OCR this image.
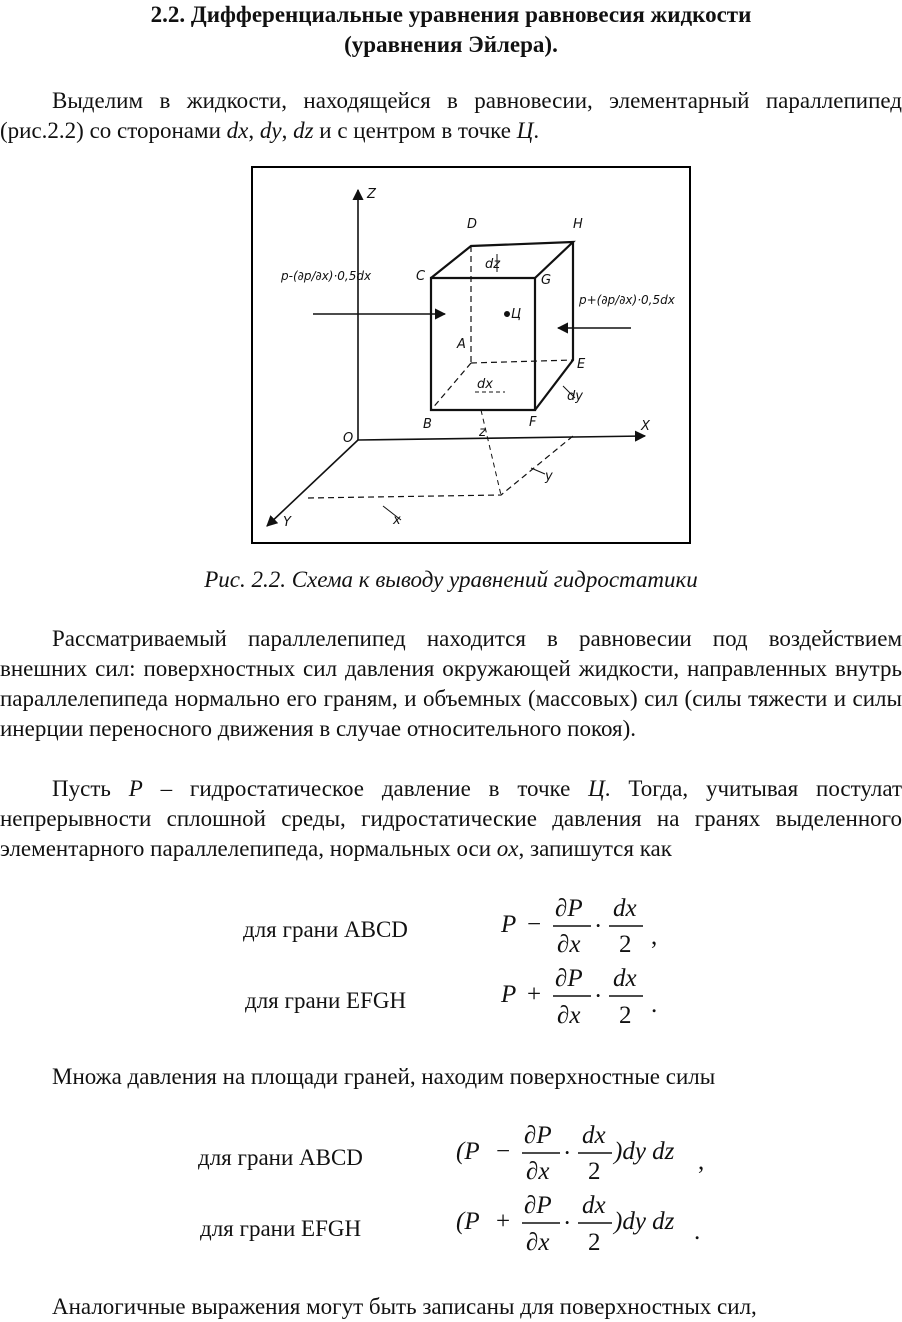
2.2. Дифференциальные уравнения равновесия жидкости
(уравнения Эйлера).

Выделим в жидкости, находящейся в равновесии, элементарный параллепипед (рис.2.2) со сторонами dx, dy, dz и с центром в точке Ц.

Z
X
Y
O
A
B
C
D
E
F
G
H
Ц
dz
dx
dy
x
y
z
p-(∂p/∂x)·0,5dx
p+(∂p/∂x)·0,5dx
Рис. 2.2. Схема к выводу уравнений гидростатики

Рассматриваемый параллелепипед находится в равновесии под воздействием внешних сил: поверхностных сил давления окружающей жидкости, направленных внутрь параллелепипеда нормально его граням, и объемных (массовых) сил (силы тяжести и силы инерции переносного движения в случае относительного покоя).

Пусть P – гидростатическое давление в точке Ц. Тогда, учитывая постулат непрерывности сплошной среды, гидростатические давления на гранях выделенного элементарного параллелепипеда, нормальных оси ox, запишутся как

для грани ABCD
для грани EFGH
P −
∂P
∂x
·
dx
2 ,
P +
∂P
∂x
·
dx
2 .

Множа давления на площади граней, находим поверхностные силы

для грани ABCD
для грани EFGH
(P −
∂P
∂x
·
dx
2
)dy dz ,
(P +
∂P
∂x
·
dx
2
)dy dz .

Аналогичные выражения могут быть записаны для поверхностных сил,
